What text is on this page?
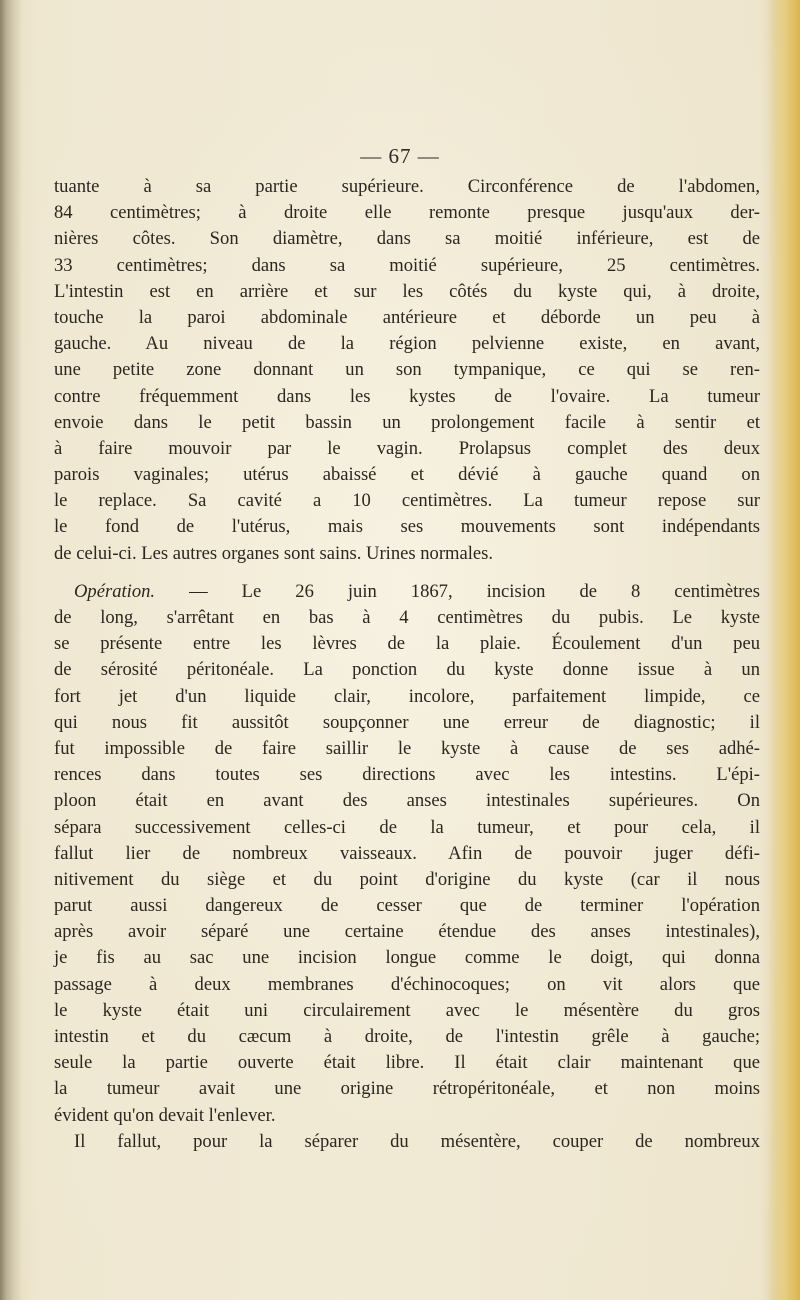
— 67 —
tuante à sa partie supérieure. Circonférence de l'abdomen,
84 centimètres; à droite elle remonte presque jusqu'aux der-
nières côtes. Son diamètre, dans sa moitié inférieure, est de
33 centimètres; dans sa moitié supérieure, 25 centimètres.
L'intestin est en arrière et sur les côtés du kyste qui, à droite,
touche la paroi abdominale antérieure et déborde un peu à
gauche. Au niveau de la région pelvienne existe, en avant,
une petite zone donnant un son tympanique, ce qui se ren-
contre fréquemment dans les kystes de l'ovaire. La tumeur
envoie dans le petit bassin un prolongement facile à sentir et
à faire mouvoir par le vagin. Prolapsus complet des deux
parois vaginales; utérus abaissé et dévié à gauche quand on
le replace. Sa cavité a 10 centimètres. La tumeur repose sur
le fond de l'utérus, mais ses mouvements sont indépendants
de celui-ci. Les autres organes sont sains. Urines normales.
Opération. — Le 26 juin 1867, incision de 8 centimètres
de long, s'arrêtant en bas à 4 centimètres du pubis. Le kyste
se présente entre les lèvres de la plaie. Écoulement d'un peu
de sérosité péritonéale. La ponction du kyste donne issue à un
fort jet d'un liquide clair, incolore, parfaitement limpide, ce
qui nous fit aussitôt soupçonner une erreur de diagnostic; il
fut impossible de faire saillir le kyste à cause de ses adhé-
rences dans toutes ses directions avec les intestins. L'épi-
ploon était en avant des anses intestinales supérieures. On
sépara successivement celles-ci de la tumeur, et pour cela, il
fallut lier de nombreux vaisseaux. Afin de pouvoir juger défi-
nitivement du siège et du point d'origine du kyste (car il nous
parut aussi dangereux de cesser que de terminer l'opération
après avoir séparé une certaine étendue des anses intestinales),
je fis au sac une incision longue comme le doigt, qui donna
passage à deux membranes d'échinocoques; on vit alors que
le kyste était uni circulairement avec le mésentère du gros
intestin et du cæcum à droite, de l'intestin grêle à gauche;
seule la partie ouverte était libre. Il était clair maintenant que
la tumeur avait une origine rétropéritonéale, et non moins
évident qu'on devait l'enlever.
Il fallut, pour la séparer du mésentère, couper de nombreux
